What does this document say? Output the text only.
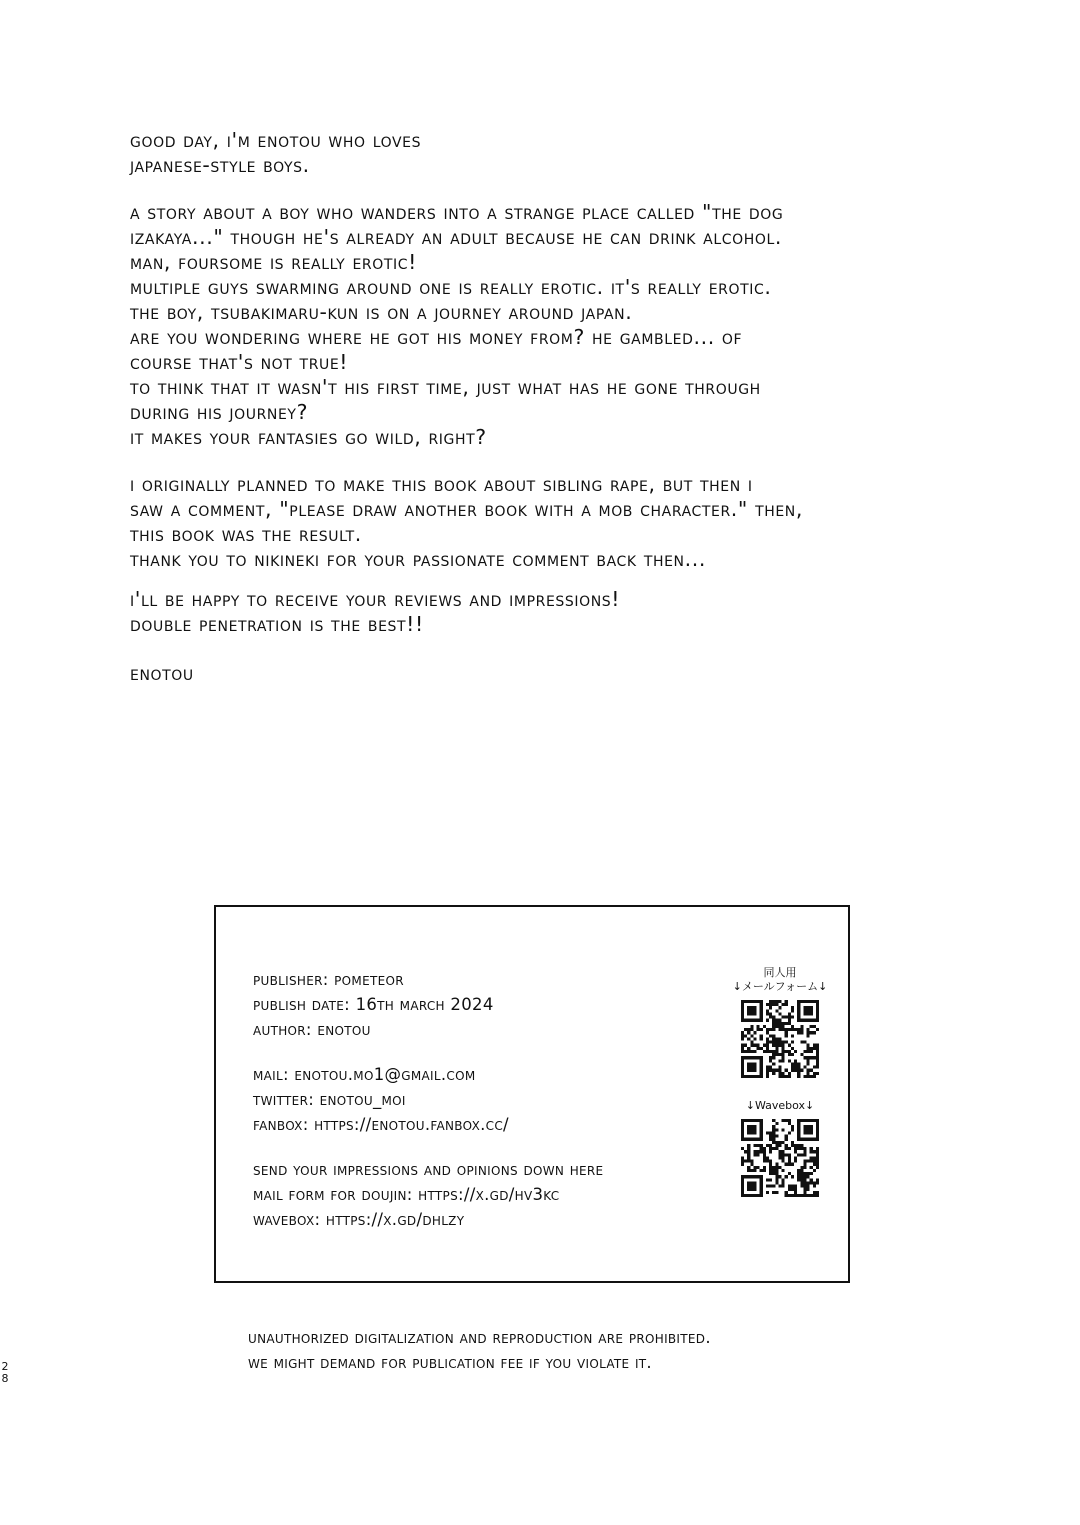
good day, i'm enotou who loves
japanese-style boys.
a story about a boy who wanders into a strange place called "the dog
izakaya..." though he's already an adult because he can drink alcohol.
man, foursome is really erotic!
multiple guys swarming around one is really erotic. it's really erotic.
the boy, tsubakimaru-kun is on a journey around japan.
are you wondering where he got his money from? he gambled... of
course that's not true!
to think that it wasn't his first time, just what has he gone through
during his journey?
it makes your fantasies go wild, right?
i originally planned to make this book about sibling rape, but then i
saw a comment, "please draw another book with a mob character." then,
this book was the result.
thank you to nikineki for your passionate comment back then...
i'll be happy to receive your reviews and impressions!
double penetration is the best!!
enotou
publisher: pometeor
publish date: 16th march 2024
author: enotou
mail: enotou.mo1@gmail.com
twitter: enotou_moi
fanbox: https://enotou.fanbox.cc/
send your impressions and opinions down here
mail form for doujin: https://x.gd/hv3kc
wavebox: https://x.gd/dhlzy
同人用
↓メールフォーム↓
↓Wavebox↓
unauthorized digitalization and reproduction are prohibited.
we might demand for publication fee if you violate it.
2
8
